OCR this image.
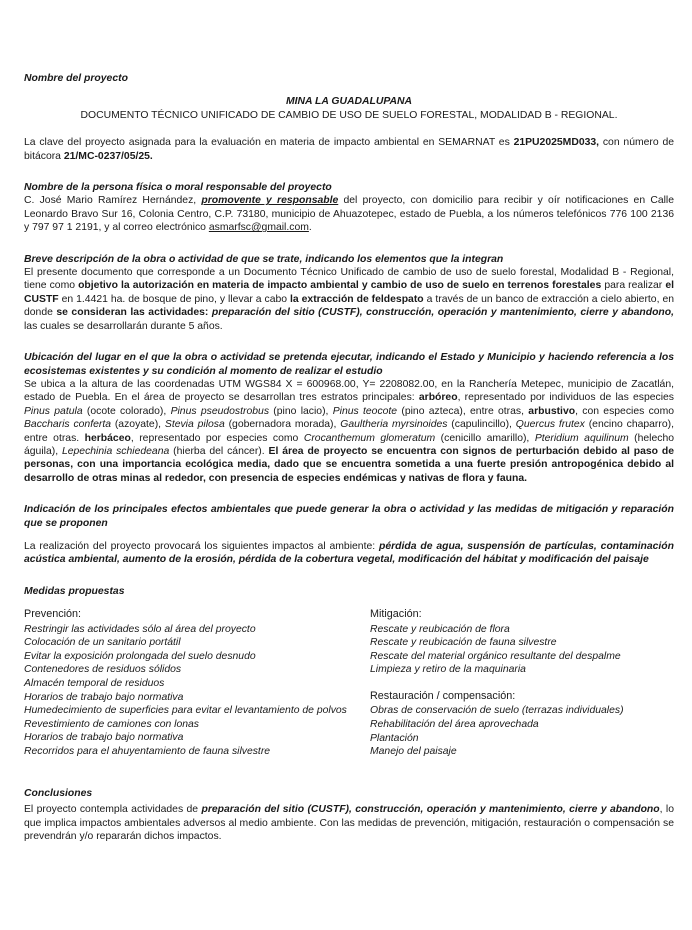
Nombre del proyecto

MINA LA GUADALUPANA

DOCUMENTO TÉCNICO UNIFICADO DE CAMBIO DE USO DE SUELO FORESTAL, MODALIDAD B - REGIONAL.

La clave del proyecto asignada para la evaluación en materia de impacto ambiental en SEMARNAT es 21PU2025MD033, con número de bitácora 21/MC-0237/05/25.

Nombre de la persona física o moral responsable del proyecto

C. José Mario Ramírez Hernández, promovente y responsable del proyecto, con domicilio para recibir y oír notificaciones en Calle Leonardo Bravo Sur 16, Colonia Centro, C.P. 73180, municipio de Ahuazotepec, estado de Puebla, a los números telefónicos 776 100 2136 y 797 97 1 2191, y al correo electrónico asmarfsc@gmail.com.

Breve descripción de la obra o actividad de que se trate, indicando los elementos que la integran

El presente documento que corresponde a un Documento Técnico Unificado de cambio de uso de suelo forestal, Modalidad B - Regional, tiene como objetivo la autorización en materia de impacto ambiental y cambio de uso de suelo en terrenos forestales para realizar el CUSTF en 1.4421 ha. de bosque de pino, y llevar a cabo la extracción de feldespato a través de un banco de extracción a cielo abierto, en donde se consideran las actividades: preparación del sitio (CUSTF), construcción, operación y mantenimiento, cierre y abandono, las cuales se desarrollarán durante 5 años.

Ubicación del lugar en el que la obra o actividad se pretenda ejecutar, indicando el Estado y Municipio y haciendo referencia a los ecosistemas existentes y su condición al momento de realizar el estudio

Se ubica a la altura de las coordenadas UTM WGS84 X = 600968.00, Y= 2208082.00, en la Ranchería Metepec, municipio de Zacatlán, estado de Puebla. En el área de proyecto se desarrollan tres estratos principales: arbóreo, representado por individuos de las especies Pinus patula (ocote colorado), Pinus pseudostrobus (pino lacio), Pinus teocote (pino azteca), entre otras, arbustivo, con especies como Baccharis conferta (azoyate), Stevia pilosa (gobernadora morada), Gaultheria myrsinoides (capulincillo), Quercus frutex (encino chaparro), entre otras. herbáceo, representado por especies como Crocanthemum glomeratum (cenicillo amarillo), Pteridium aquilinum (helecho águila), Lepechinia schiedeana (hierba del cáncer). El área de proyecto se encuentra con signos de perturbación debido al paso de personas, con una importancia ecológica media, dado que se encuentra sometida a una fuerte presión antropogénica debido al desarrollo de otras minas al rededor, con presencia de especies endémicas y nativas de flora y fauna.

Indicación de los principales efectos ambientales que puede generar la obra o actividad y las medidas de mitigación y reparación que se proponen

La realización del proyecto provocará los siguientes impactos al ambiente: pérdida de agua, suspensión de partículas, contaminación acústica ambiental, aumento de la erosión, pérdida de la cobertura vegetal, modificación del hábitat y modificación del paisaje

Medidas propuestas

Prevención:
Restringir las actividades sólo al área del proyecto
Colocación de un sanitario portátil
Evitar la exposición prolongada del suelo desnudo
Contenedores de residuos sólidos
Almacén temporal de residuos
Horarios de trabajo bajo normativa
Humedecimiento de superficies para evitar el levantamiento de polvos
Revestimiento de camiones con lonas
Horarios de trabajo bajo normativa
Recorridos para el ahuyentamiento de fauna silvestre
Mitigación:
Rescate y reubicación de flora
Rescate y reubicación de fauna silvestre
Rescate del material orgánico resultante del despalme
Limpieza y retiro de la maquinaria
Restauración / compensación:
Obras de conservación de suelo (terrazas individuales)
Rehabilitación del área aprovechada
Plantación
Manejo del paisaje

Conclusiones

El proyecto contempla actividades de preparación del sitio (CUSTF), construcción, operación y mantenimiento, cierre y abandono, lo que implica impactos ambientales adversos al medio ambiente. Con las medidas de prevención, mitigación, restauración o compensación se prevendrán y/o repararán dichos impactos.
